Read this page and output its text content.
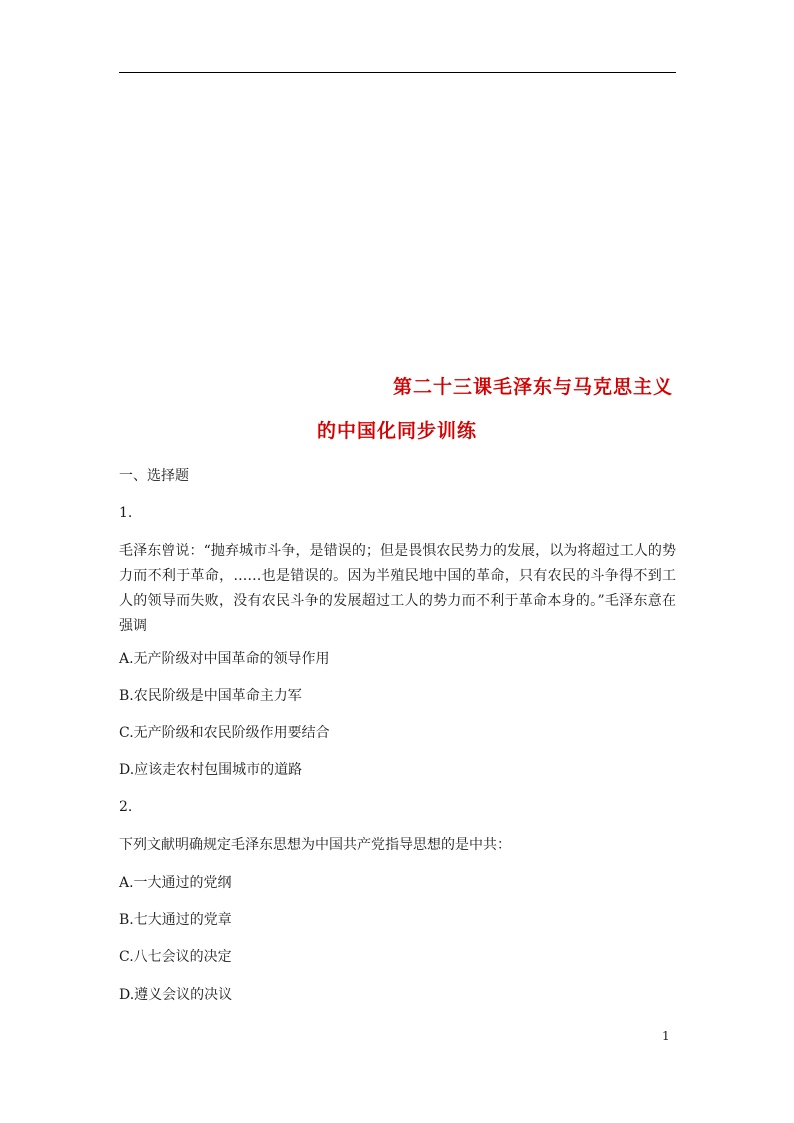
第二十三课毛泽东与马克思主义
的中国化同步训练
一、选择题
1.
毛泽东曾说：“抛弃城市斗争，是错误的；但是畏惧农民势力的发展，以为将超过工人的势力而不利于革命，……也是错误的。因为半殖民地中国的革命，只有农民的斗争得不到工人的领导而失败，没有农民斗争的发展超过工人的势力而不利于革命本身的。”毛泽东意在强调
A.无产阶级对中国革命的领导作用
B.农民阶级是中国革命主力军
C.无产阶级和农民阶级作用要结合
D.应该走农村包围城市的道路
2.
下列文献明确规定毛泽东思想为中国共产党指导思想的是中共：
A.一大通过的党纲
B.七大通过的党章
C.八七会议的决定
D.遵义会议的决议
1
